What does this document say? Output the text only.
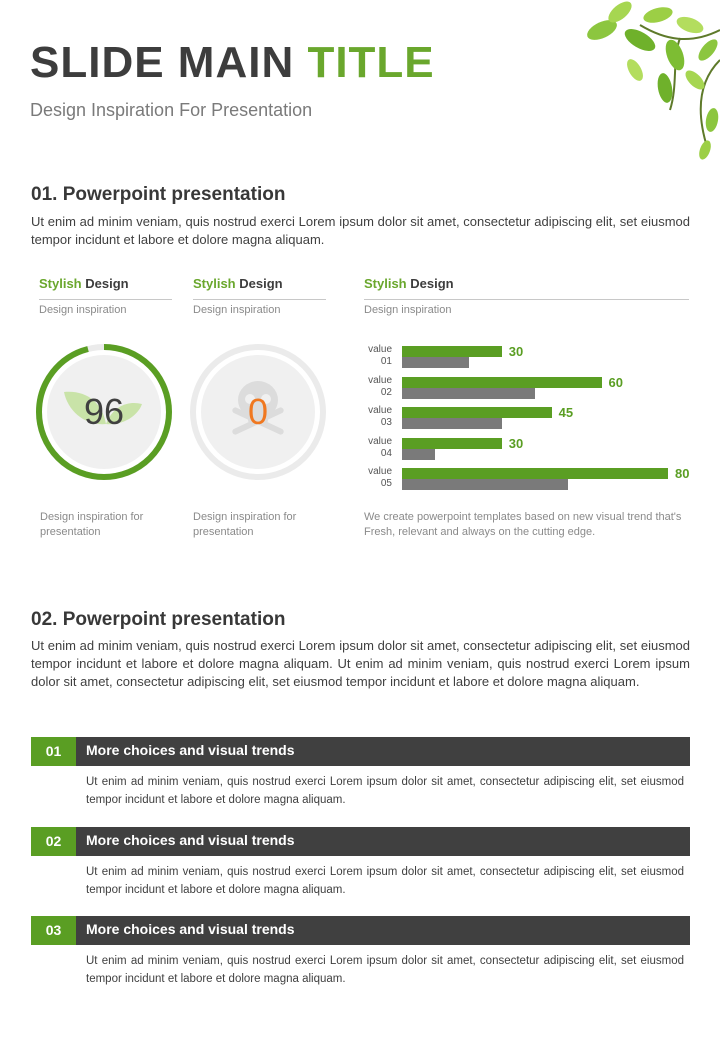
SLIDE MAIN TITLE
Design Inspiration For Presentation
01. Powerpoint presentation
Ut enim ad minim veniam, quis nostrud exerci Lorem ipsum dolor sit amet, consectetur adipiscing elit, set eiusmod tempor incidunt et labore et dolore magna aliquam.
Stylish Design
Design inspiration
96
Design inspiration for presentation
Stylish Design
Design inspiration
0
Design inspiration for presentation
Stylish Design
Design inspiration
value
01
30
value
02
60
value
03
45
value
04
30
value
05
80
We create powerpoint templates based on new visual trend that's Fresh, relevant and always on the cutting edge.
02. Powerpoint presentation
Ut enim ad minim veniam, quis nostrud exerci Lorem ipsum dolor sit amet, consectetur adipiscing elit, set eiusmod tempor incidunt et labore et dolore magna aliquam. Ut enim ad minim veniam, quis nostrud exerci Lorem ipsum dolor sit amet, consectetur adipiscing elit, set eiusmod tempor incidunt et labore et dolore magna aliquam.
01	More choices and visual trends
Ut enim ad minim veniam, quis nostrud exerci Lorem ipsum dolor sit amet, consectetur adipiscing elit, set eiusmod tempor incidunt et labore et dolore magna aliquam.
02	More choices and visual trends
Ut enim ad minim veniam, quis nostrud exerci Lorem ipsum dolor sit amet, consectetur adipiscing elit, set eiusmod tempor incidunt et labore et dolore magna aliquam.
03	More choices and visual trends
Ut enim ad minim veniam, quis nostrud exerci Lorem ipsum dolor sit amet, consectetur adipiscing elit, set eiusmod tempor incidunt et labore et dolore magna aliquam.
